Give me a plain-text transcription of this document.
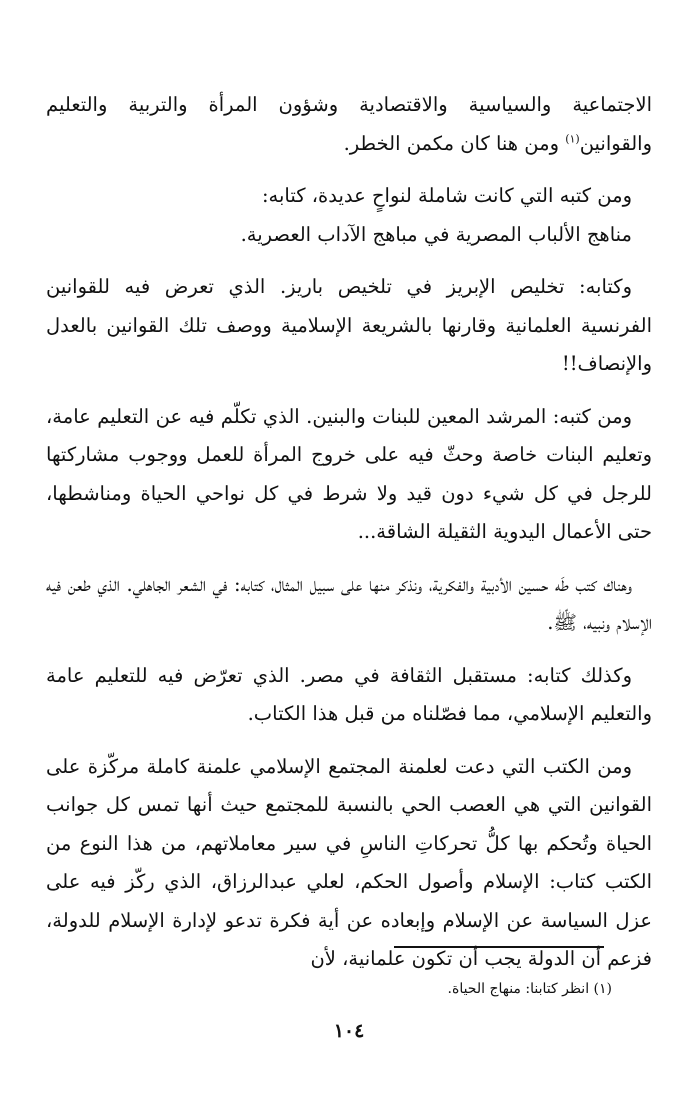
الاجتماعية والسياسية والاقتصادية وشؤون المرأة والتربية والتعليم والقوانين$^{(١)}$ ومن هنا كان مكمن الخطر.

ومن كتبه التي كانت شاملة لنواحٍ عديدة، كتابه:

مناهج الألباب المصرية في مباهج الآداب العصرية.

وكتابه: تخليص الإبريز في تلخيص باريز. الذي تعرض فيه للقوانين الفرنسية العلمانية وقارنها بالشريعة الإسلامية ووصف تلك القوانين بالعدل والإنصاف!!

ومن كتبه: المرشد المعين للبنات والبنين. الذي تكلّم فيه عن التعليم عامة، وتعليم البنات خاصة وحثّ فيه على خروج المرأة للعمل ووجوب مشاركتها للرجل في كل شيء دون قيد ولا شرط في كل نواحي الحياة ومناشطها، حتى الأعمال اليدوية الثقيلة الشاقة...

وهناك كتب طَه حسين الأدبية والفكرية، ونذكر منها على سبيل المثال، كتابه: في الشعر الجاهلي. الذي طعن فيه الإسلام ونبيه، ﷺ.

وكذلك كتابه: مستقبل الثقافة في مصر. الذي تعرّض فيه للتعليم عامة والتعليم الإسلامي، مما فصّلناه من قبل هذا الكتاب.

ومن الكتب التي دعت لعلمنة المجتمع الإسلامي علمنة كاملة مركّزة على القوانين التي هي العصب الحي بالنسبة للمجتمع حيث أنها تمس كل جوانب الحياة وتُحكم بها كلُّ تحركاتِ الناسِ في سير معاملاتهم، من هذا النوع من الكتب كتاب: الإسلام وأصول الحكم، لعلي عبدالرزاق، الذي ركّز فيه على عزل السياسة عن الإسلام وإبعاده عن أية فكرة تدعو لإدارة الإسلام للدولة، فزعم أن الدولة يجب أن تكون علمانية، لأن

(١) انظر كتابنا: منهاج الحياة.

١٠٤
